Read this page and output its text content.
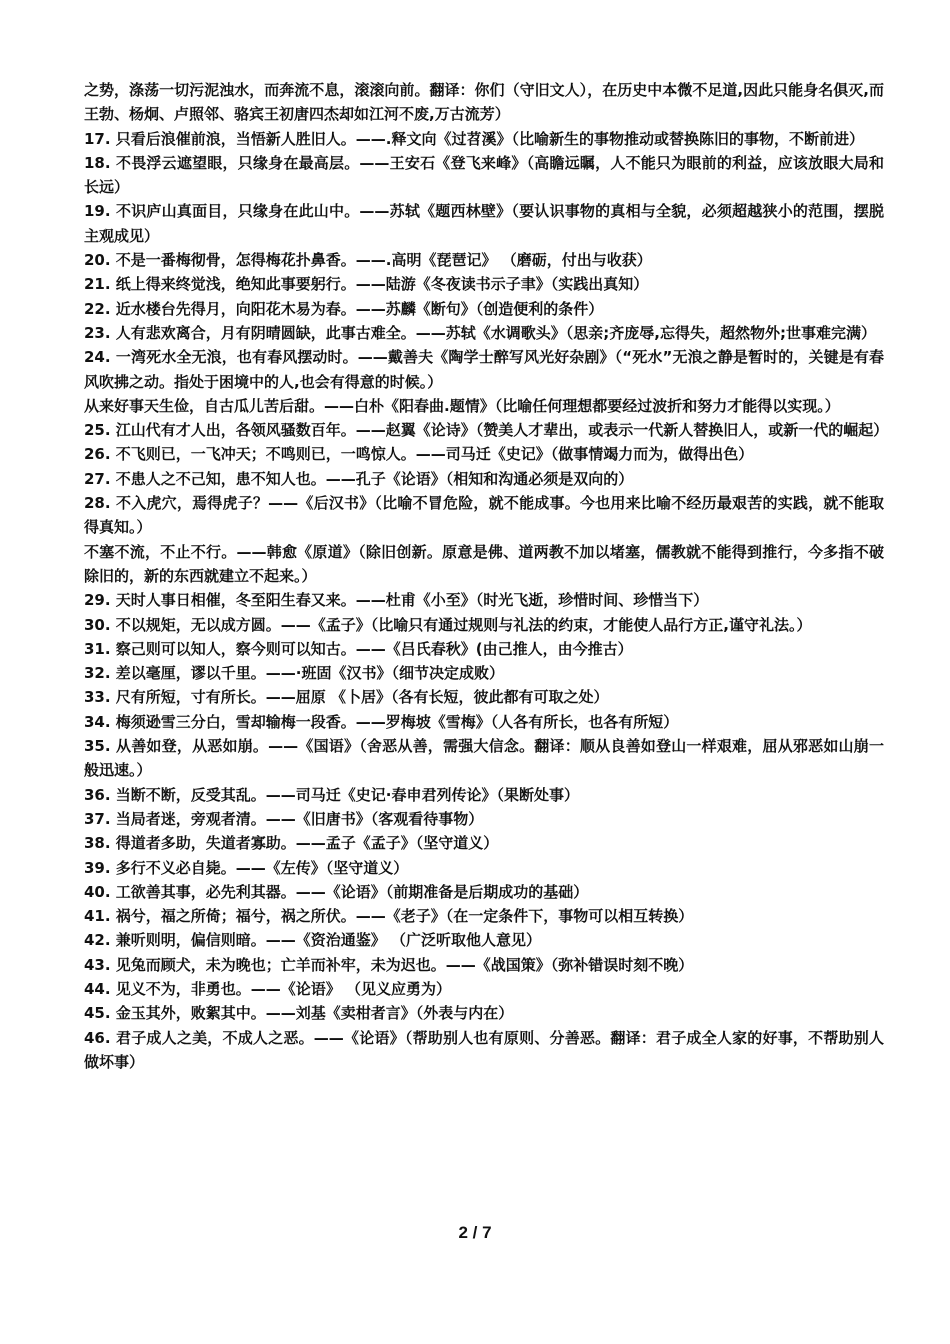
之势，涤荡一切污泥浊水，而奔流不息，滚滚向前。翻译：你们（守旧文人），在历史中本微不足道,因此只能身名俱灭,而王勃、杨炯、卢照邻、骆宾王初唐四杰却如江河不废,万古流芳）

17. 只看后浪催前浪，当悟新人胜旧人。——.释文向《过苕溪》（比喻新生的事物推动或替换陈旧的事物，不断前进）

18. 不畏浮云遮望眼，只缘身在最高层。——王安石《登飞来峰》（高瞻远瞩，人不能只为眼前的利益，应该放眼大局和长远）

19. 不识庐山真面目，只缘身在此山中。——苏轼《题西林壁》（要认识事物的真相与全貌，必须超越狭小的范围，摆脱主观成见）

20. 不是一番梅彻骨，怎得梅花扑鼻香。——.高明《琵琶记》 （磨砺，付出与收获）

21. 纸上得来终觉浅，绝知此事要躬行。——陆游《冬夜读书示子聿》（实践出真知）

22. 近水楼台先得月，向阳花木易为春。——苏麟《断句》（创造便利的条件）

23. 人有悲欢离合，月有阴晴圆缺，此事古难全。——苏轼《水调歌头》（思亲;齐庞辱,忘得失，超然物外;世事难完满）

24. 一湾死水全无浪，也有春风摆动时。——戴善夫《陶学士醉写风光好杂剧》（“死水”无浪之静是暂时的，关键是有春风吹拂之动。指处于困境中的人,也会有得意的时候。）

从来好事天生俭，自古瓜儿苦后甜。——白朴《阳春曲.题情》（比喻任何理想都要经过波折和努力才能得以实现。）

25. 江山代有才人出，各领风骚数百年。——赵翼《论诗》（赞美人才辈出，或表示一代新人替换旧人，或新一代的崛起）

26. 不飞则已，一飞冲天；不鸣则已，一鸣惊人。——司马迁《史记》（做事情竭力而为，做得出色）

27. 不患人之不己知，患不知人也。——孔子《论语》（相知和沟通必须是双向的）

28. 不入虎穴，焉得虎子？——《后汉书》（比喻不冒危险，就不能成事。今也用来比喻不经历最艰苦的实践，就不能取得真知。）

不塞不流，不止不行。——韩愈《原道》（除旧创新。原意是佛、道两教不加以堵塞，儒教就不能得到推行，今多指不破除旧的，新的东西就建立不起来。）

29. 天时人事日相催，冬至阳生春又来。——杜甫《小至》（时光飞逝，珍惜时间、珍惜当下）

30. 不以规矩，无以成方圆。——《孟子》（比喻只有通过规则与礼法的约束，才能使人品行方正,谨守礼法。）

31. 察己则可以知人，察今则可以知古。——《吕氏春秋》(由己推人，由今推古）

32. 差以毫厘，谬以千里。——·班固《汉书》（细节决定成败）

33. 尺有所短，寸有所长。——屈原 《卜居》（各有长短，彼此都有可取之处）

34. 梅须逊雪三分白，雪却输梅一段香。——罗梅坡《雪梅》（人各有所长，也各有所短）

35. 从善如登，从恶如崩。——《国语》（舍恶从善，需强大信念。翻译：顺从良善如登山一样艰难，屈从邪恶如山崩一般迅速。）

36. 当断不断，反受其乱。——司马迁《史记·春申君列传论》（果断处事）

37. 当局者迷，旁观者清。——《旧唐书》（客观看待事物）

38. 得道者多助，失道者寡助。——孟子《孟子》（坚守道义）

39. 多行不义必自毙。——《左传》（坚守道义）

40. 工欲善其事，必先利其器。——《论语》（前期准备是后期成功的基础）

41. 祸兮，福之所倚；福兮，祸之所伏。——《老子》（在一定条件下，事物可以相互转换）

42. 兼听则明，偏信则暗。——《资治通鉴》 （广泛听取他人意见）

43. 见兔而顾犬，未为晚也；亡羊而补牢，未为迟也。——《战国策》（弥补错误时刻不晚）

44. 见义不为，非勇也。——《论语》 （见义应勇为）

45. 金玉其外，败絮其中。——刘基《卖柑者言》（外表与内在）

46. 君子成人之美，不成人之恶。——《论语》（帮助别人也有原则、分善恶。翻译：君子成全人家的好事，不帮助别人做坏事）

2 / 7
